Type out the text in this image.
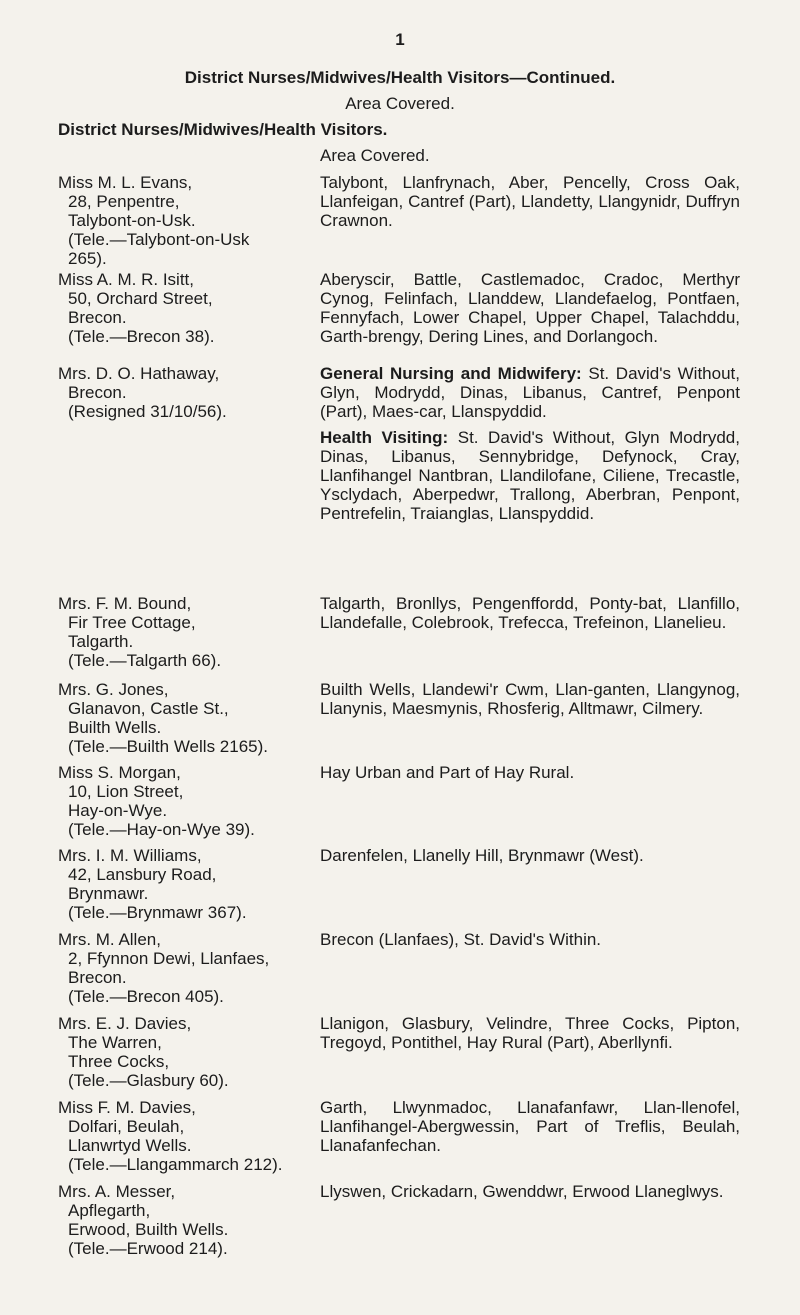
1
District Nurses/Midwives/Health Visitors—Continued.
Area Covered.
District Nurses/Midwives/Health Visitors.
Area Covered.
Miss M. L. Evans,
28, Penpentre,
Talybont-on-Usk.
(Tele.—Talybont-on-Usk
265).

Talybont, Llanfrynach, Aber, Pencelly, Cross Oak, Llanfeigan, Cantref (Part), Llandetty, Llangynidr, Duffryn Crawnon.

Miss A. M. R. Isitt,
50, Orchard Street,
Brecon.
(Tele.—Brecon 38).

Aberyscir, Battle, Castlemadoc, Cradoc, Merthyr Cynog, Felinfach, Llanddew, Llandefaelog, Pontfaen, Fennyfach, Lower Chapel, Upper Chapel, Talachddu, Garth-brengy, Dering Lines, and Dorlangoch.

Mrs. D. O. Hathaway,
Brecon.
(Resigned 31/10/56).

General Nursing and Midwifery: St. David's Without, Glyn, Modrydd, Dinas, Libanus, Cantref, Penpont (Part), Maes-car, Llanspyddid.

Health Visiting: St. David's Without, Glyn Modrydd, Dinas, Libanus, Sennybridge, Defynock, Cray, Llanfihangel Nantbran, Llandilofane, Ciliene, Trecastle, Ysclydach, Aberpedwr, Trallong, Aberbran, Penpont, Pentrefelin, Traianglas, Llanspyddid.

Mrs. F. M. Bound,
Fir Tree Cottage,
Talgarth.
(Tele.—Talgarth 66).

Talgarth, Bronllys, Pengenffordd, Ponty-bat, Llanfillo, Llandefalle, Colebrook, Trefecca, Trefeinon, Llanelieu.

Mrs. G. Jones,
Glanavon, Castle St.,
Builth Wells.
(Tele.—Builth Wells 2165).

Builth Wells, Llandewi'r Cwm, Llan-ganten, Llangynog, Llanynis, Maesmynis, Rhosferig, Alltmawr, Cilmery.

Miss S. Morgan,
10, Lion Street,
Hay-on-Wye.
(Tele.—Hay-on-Wye 39).

Hay Urban and Part of Hay Rural.

Mrs. I. M. Williams,
42, Lansbury Road,
Brynmawr.
(Tele.—Brynmawr 367).

Darenfelen, Llanelly Hill, Brynmawr (West).

Mrs. M. Allen,
2, Ffynnon Dewi, Llanfaes,
Brecon.
(Tele.—Brecon 405).

Brecon (Llanfaes), St. David's Within.

Mrs. E. J. Davies,
The Warren,
Three Cocks,
(Tele.—Glasbury 60).

Llanigon, Glasbury, Velindre, Three Cocks, Pipton, Tregoyd, Pontithel, Hay Rural (Part), Aberllynfi.

Miss F. M. Davies,
Dolfari, Beulah,
Llanwrtyd Wells.
(Tele.—Llangammarch 212).

Garth, Llwynmadoc, Llanafanfawr, Llan-llenofel, Llanfihangel-Abergwessin, Part of Treflis, Beulah, Llanafanfechan.

Mrs. A. Messer,
Apflegarth,
Erwood, Builth Wells.
(Tele.—Erwood 214).

Llyswen, Crickadarn, Gwenddwr, Erwood Llaneglwys.
